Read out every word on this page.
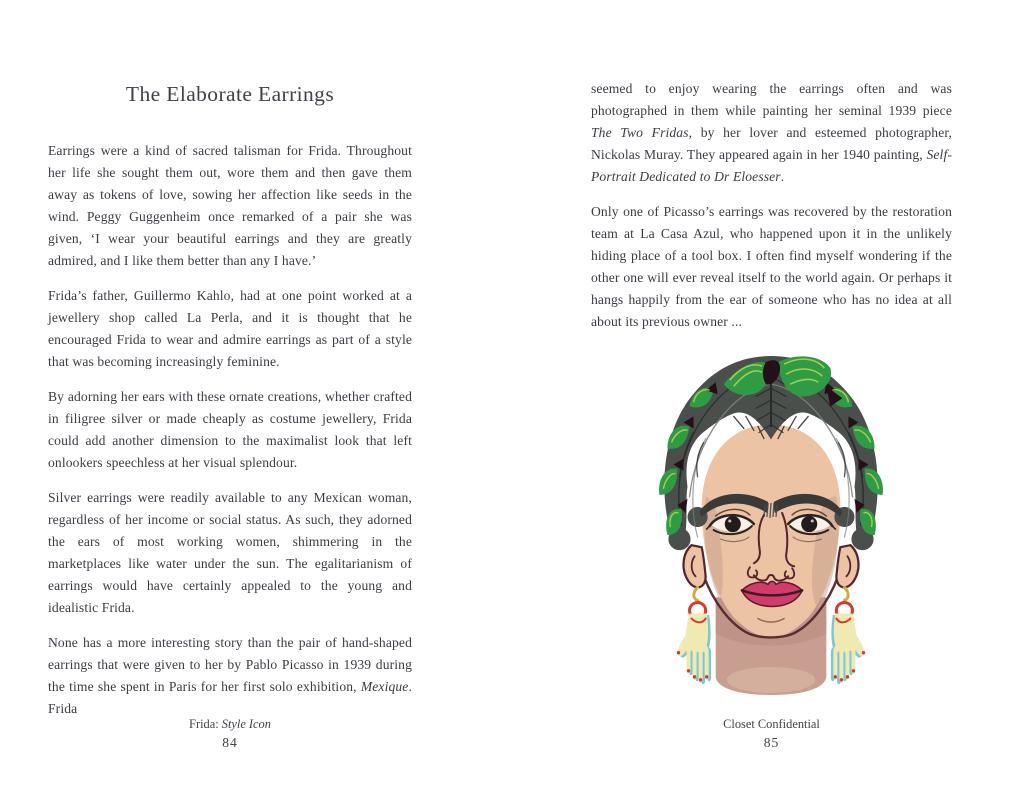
The Elaborate Earrings

Earrings were a kind of sacred talisman for Frida. Throughout her life she sought them out, wore them and then gave them away as tokens of love, sowing her affection like seeds in the wind. Peggy Guggenheim once remarked of a pair she was given, ‘I wear your beautiful earrings and they are greatly admired, and I like them better than any I have.’

Frida’s father, Guillermo Kahlo, had at one point worked at a jewellery shop called La Perla, and it is thought that he encouraged Frida to wear and admire earrings as part of a style that was becoming increasingly feminine.

By adorning her ears with these ornate creations, whether crafted in filigree silver or made cheaply as costume jewellery, Frida could add another dimension to the maximalist look that left onlookers speechless at her visual splendour.

Silver earrings were readily available to any Mexican woman, regardless of her income or social status. As such, they adorned the ears of most working women, shimmering in the marketplaces like water under the sun. The egalitarianism of earrings would have certainly appealed to the young and idealistic Frida.

None has a more interesting story than the pair of hand-shaped earrings that were given to her by Pablo Picasso in 1939 during the time she spent in Paris for her first solo exhibition, Mexique. Frida

Frida: Style Icon
84

seemed to enjoy wearing the earrings often and was photographed in them while painting her seminal 1939 piece The Two Fridas, by her lover and esteemed photographer, Nickolas Muray. They appeared again in her 1940 painting, Self-Portrait Dedicated to Dr Eloesser.

Only one of Picasso’s earrings was recovered by the restoration team at La Casa Azul, who happened upon it in the unlikely hiding place of a tool box. I often find myself wondering if the other one will ever reveal itself to the world again. Or perhaps it hangs happily from the ear of someone who has no idea at all about its previous owner ...

Closet Confidential
85
